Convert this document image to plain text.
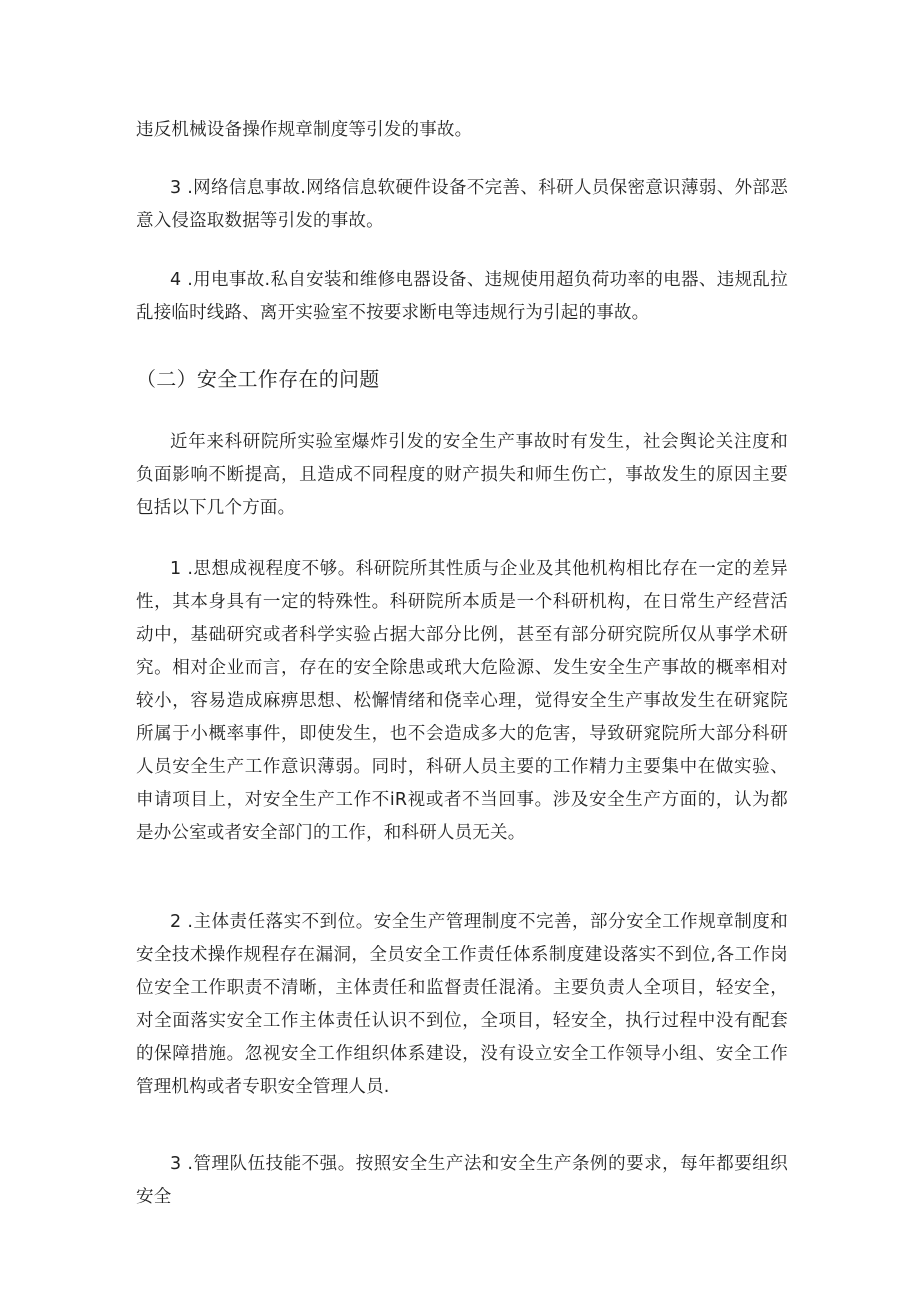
违反机械设备操作规章制度等引发的事故。

3 .网络信息事故.网络信息软硬件设备不完善、科研人员保密意识薄弱、外部恶意入侵盗取数据等引发的事故。

4 .用电事故.私自安装和维修电器设备、违规使用超负荷功率的电器、违规乱拉乱接临时线路、离开实验室不按要求断电等违规行为引起的事故。

（二）安全工作存在的问题

近年来科研院所实验室爆炸引发的安全生产事故时有发生，社会舆论关注度和负面影响不断提高，且造成不同程度的财产损失和师生伤亡，事故发生的原因主要包括以下几个方面。

1 .思想成视程度不够。科研院所其性质与企业及其他机构相比存在一定的差异性，其本身具有一定的特殊性。科研院所本质是一个科研机构，在日常生产经营活动中，基础研究或者科学实验占据大部分比例，甚至有部分研究院所仅从事学术研究。相对企业而言，存在的安全除患或玳大危险源、发生安全生产事故的概率相对较小，容易造成麻痹思想、松懈情绪和侥幸心理，觉得安全生产事故发生在研窕院所属于小概率事件，即使发生，也不会造成多大的危害，导致研窕院所大部分科研人员安全生产工作意识薄弱。同时，科研人员主要的工作精力主要集中在做实验、申请项目上，对安全生产工作不iR视或者不当回事。涉及安全生产方面的，认为都是办公室或者安全部门的工作，和科研人员无关。

2 .主体责任落实不到位。安全生产管理制度不完善，部分安全工作规章制度和安全技术操作规程存在漏洞，全员安全工作责任体系制度建设落实不到位,各工作岗位安全工作职责不清晰，主体责任和监督责任混淆。主要负责人全项目，轻安全，对全面落实安全工作主体责任认识不到位，全项目，轻安全，执行过程中没有配套的保障措施。忽视安全工作组织体系建设，没有设立安全工作领导小组、安全工作管理机构或者专职安全管理人员.

3 .管理队伍技能不强。按照安全生产法和安全生产条例的要求，每年都要组织安全
